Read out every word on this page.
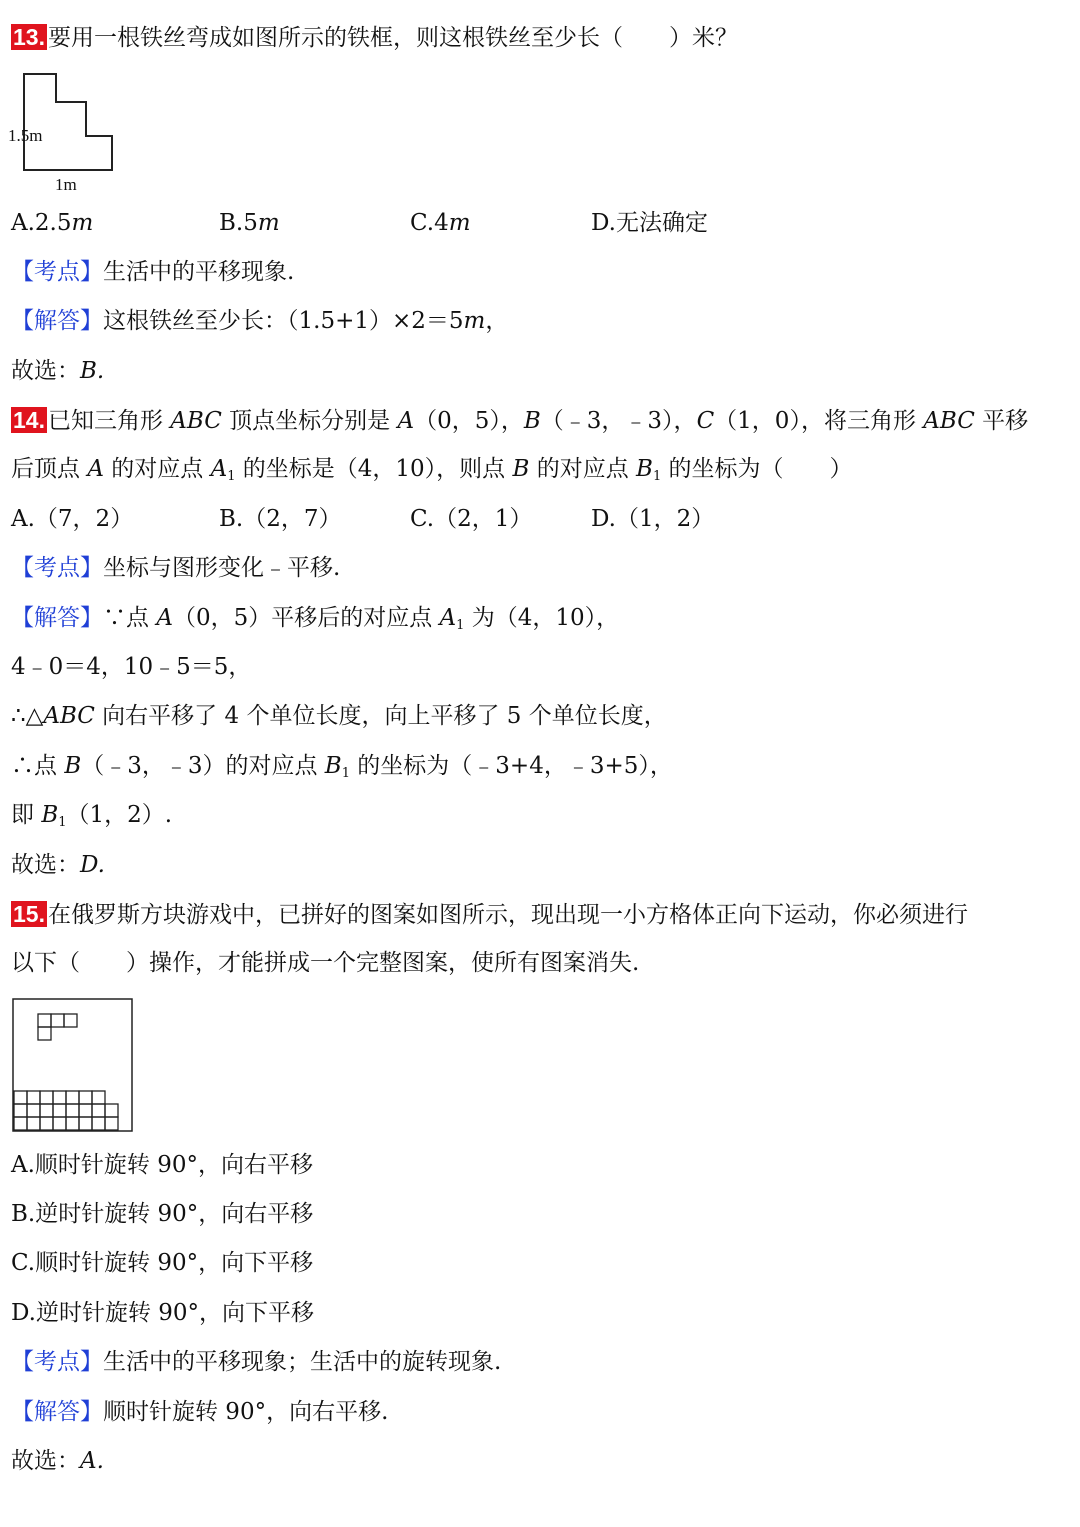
13. 要用一根铁丝弯成如图所示的铁框，则这根铁丝至少长（　　）米？
1.5m
1m
A.2.5m	B.5m	C.4m	D.无法确定
【考点】生活中的平移现象.
【解答】这根铁丝至少长：（1.5+1）×2＝5m，
故选：B.
14. 已知三角形 ABC 顶点坐标分别是 A（0，5），B（﹣3，﹣3），C（1，0），将三角形 ABC 平移
后顶点 A 的对应点 $A_1$ 的坐标是（4，10），则点 B 的对应点 $B_1$ 的坐标为（　　）
A.（7，2）	B.（2，7）	C.（2，1）	D.（1，2）
【考点】坐标与图形变化﹣平移.
【解答】∵点 A（0，5）平移后的对应点 $A_1$ 为（4，10），
4﹣0＝4，10﹣5＝5，
∴△ABC 向右平移了 4 个单位长度，向上平移了 5 个单位长度，
∴点 B（﹣3，﹣3）的对应点 $B_1$ 的坐标为（﹣3+4，﹣3+5），
即 $B_1(1$，2）.
故选：D.
15. 在俄罗斯方块游戏中，已拼好的图案如图所示，现出现一小方格体正向下运动，你必须进行
以下（　　）操作，才能拼成一个完整图案，使所有图案消失.
A.顺时针旋转 90°，向右平移
B.逆时针旋转 90°，向右平移
C.顺时针旋转 90°，向下平移
D.逆时针旋转 90°，向下平移
【考点】生活中的平移现象；生活中的旋转现象.
【解答】顺时针旋转 90°，向右平移.
故选：A.
